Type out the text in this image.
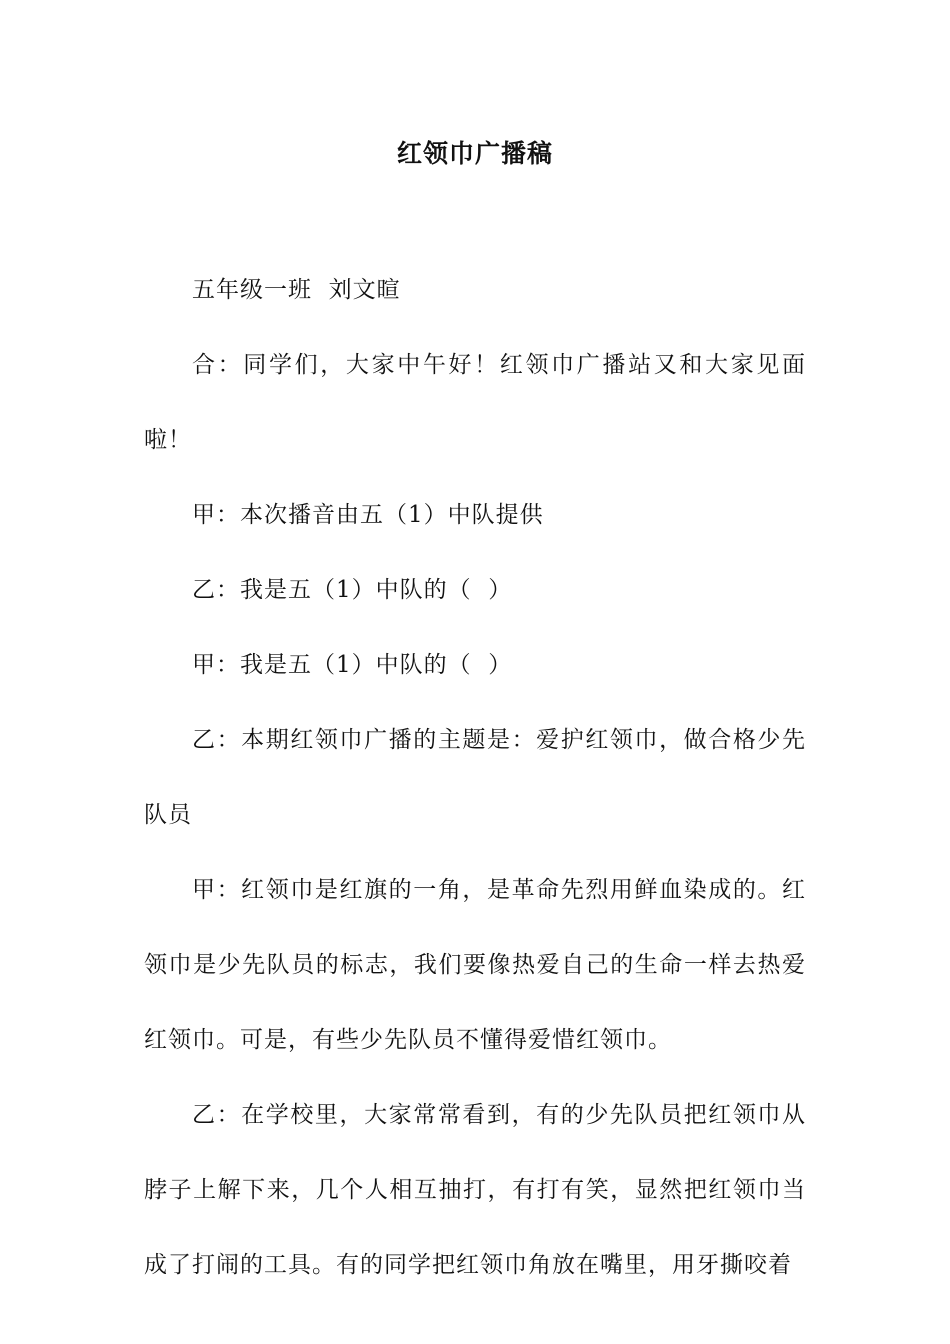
红领巾广播稿

五年级一班  刘文暄

合：同学们，大家中午好！红领巾广播站又和大家见面啦！

甲：本次播音由五（1）中队提供

乙：我是五（1）中队的（  ）

甲：我是五（1）中队的（  ）

乙：本期红领巾广播的主题是：爱护红领巾，做合格少先队员

甲：红领巾是红旗的一角，是革命先烈用鲜血染成的。红领巾是少先队员的标志，我们要像热爱自己的生命一样去热爱红领巾。可是，有些少先队员不懂得爱惜红领巾。

乙：在学校里，大家常常看到，有的少先队员把红领巾从脖子上解下来，几个人相互抽打，有打有笑，显然把红领巾当成了打闹的工具。有的同学把红领巾角放在嘴里，用牙撕咬着
